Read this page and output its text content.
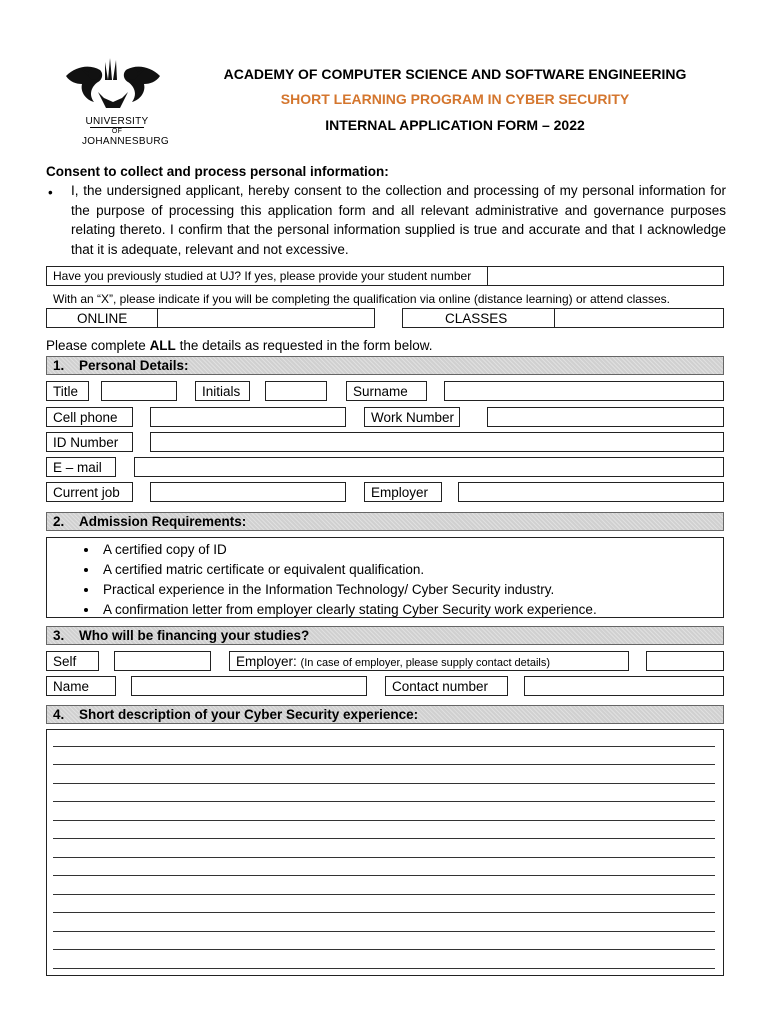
UNIVERSITY
OF
JOHANNESBURG
ACADEMY OF COMPUTER SCIENCE AND SOFTWARE ENGINEERING
SHORT LEARNING PROGRAM IN CYBER SECURITY
INTERNAL APPLICATION FORM – 2022
Consent to collect and process personal information:
• I, the undersigned applicant, hereby consent to the collection and processing of my personal information for the purpose of processing this application form and all relevant administrative and governance purposes relating thereto. I confirm that the personal information supplied is true and accurate and that I acknowledge that it is adequate, relevant and not excessive.
Have you previously studied at UJ? If yes, please provide your student number
With an “X”, please indicate if you will be completing the qualification via online (distance learning) or attend classes.
ONLINE	CLASSES
Please complete ALL the details as requested in the form below.
1. Personal Details:
Title	Initials	Surname
Cell phone	Work Number
ID Number
E – mail
Current job	Employer
2. Admission Requirements:
• A certified copy of ID
• A certified matric certificate or equivalent qualification.
• Practical experience in the Information Technology/ Cyber Security industry.
• A confirmation letter from employer clearly stating Cyber Security work experience.
3. Who will be financing your studies?
Self	Employer: (In case of employer, please supply contact details)
Name	Contact number
4. Short description of your Cyber Security experience:
